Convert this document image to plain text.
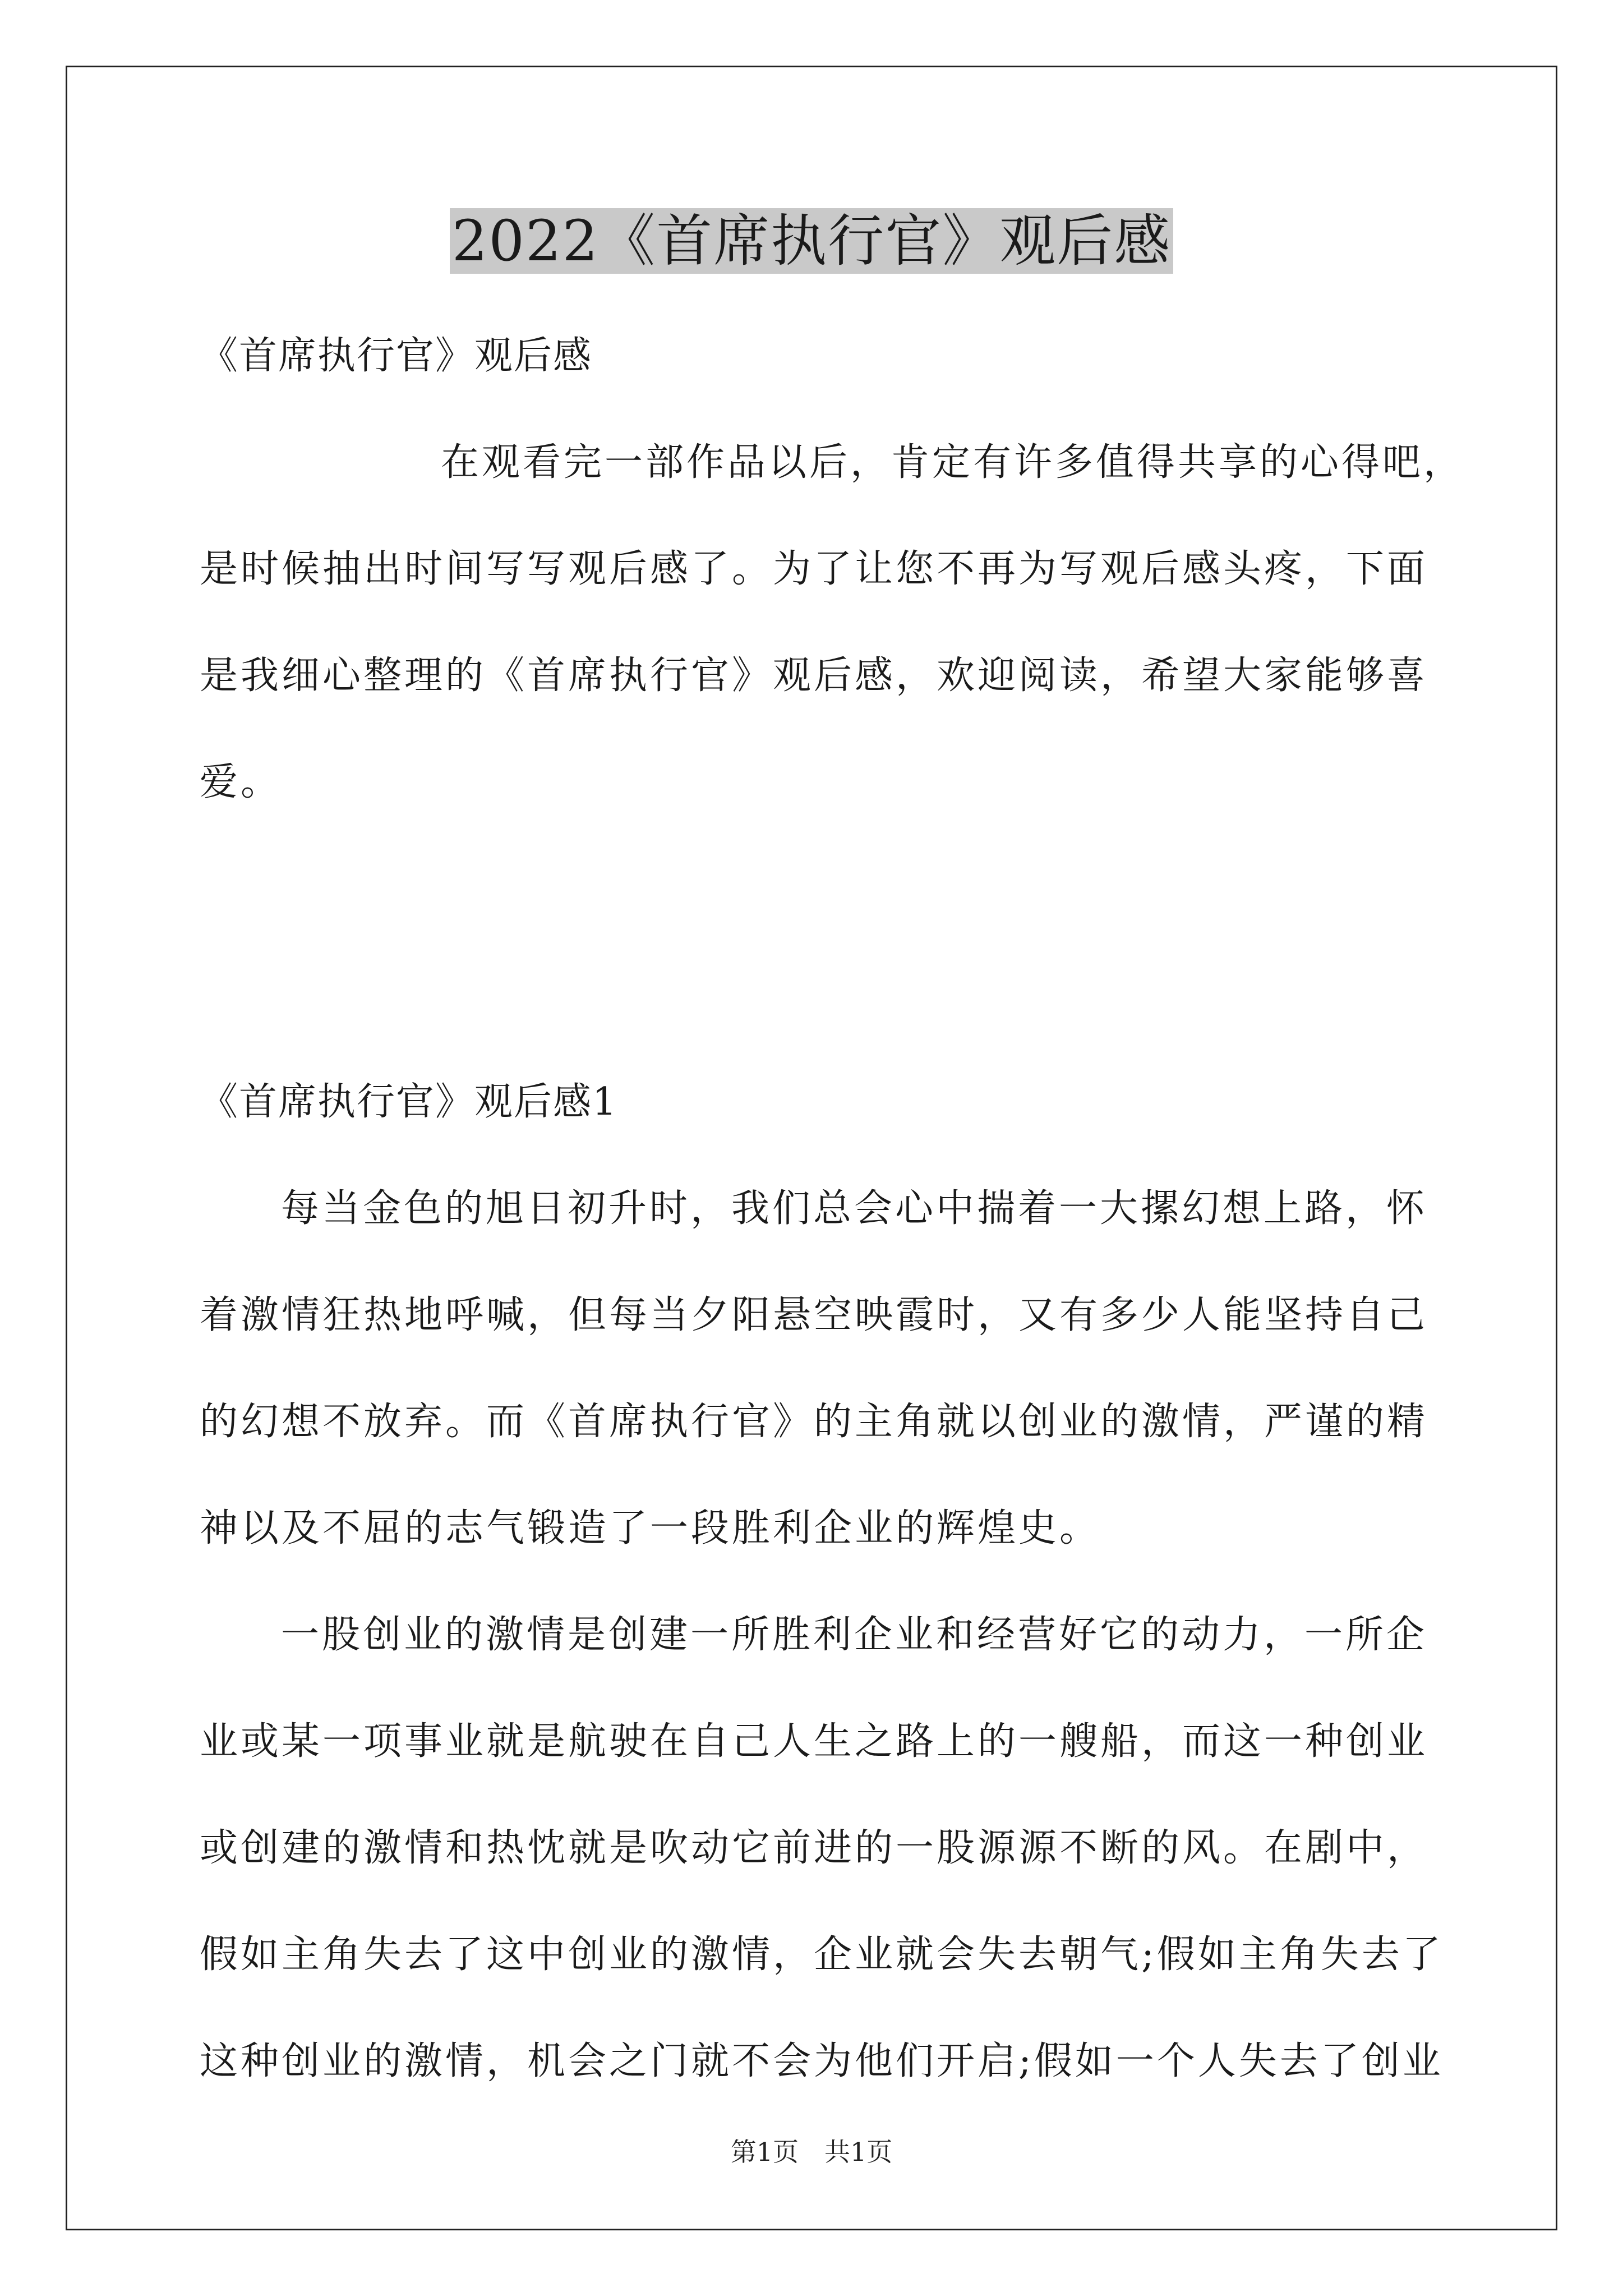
2022《首席执行官》观后感
《首席执行官》观后感
在观看完一部作品以后，肯定有许多值得共享的心得吧，
是时候抽出时间写写观后感了。为了让您不再为写观后感头疼，下面
是我细心整理的《首席执行官》观后感，欢迎阅读，希望大家能够喜
爱。
《首席执行官》观后感1
每当金色的旭日初升时，我们总会心中揣着一大摞幻想上路，怀
着激情狂热地呼喊，但每当夕阳悬空映霞时，又有多少人能坚持自己
的幻想不放弃。而《首席执行官》的主角就以创业的激情，严谨的精
神以及不屈的志气锻造了一段胜利企业的辉煌史。
一股创业的激情是创建一所胜利企业和经营好它的动力，一所企
业或某一项事业就是航驶在自己人生之路上的一艘船，而这一种创业
或创建的激情和热忱就是吹动它前进的一股源源不断的风。在剧中，
假如主角失去了这中创业的激情，企业就会失去朝气;假如主角失去了
这种创业的激情，机会之门就不会为他们开启;假如一个人失去了创业
第1页　共1页
